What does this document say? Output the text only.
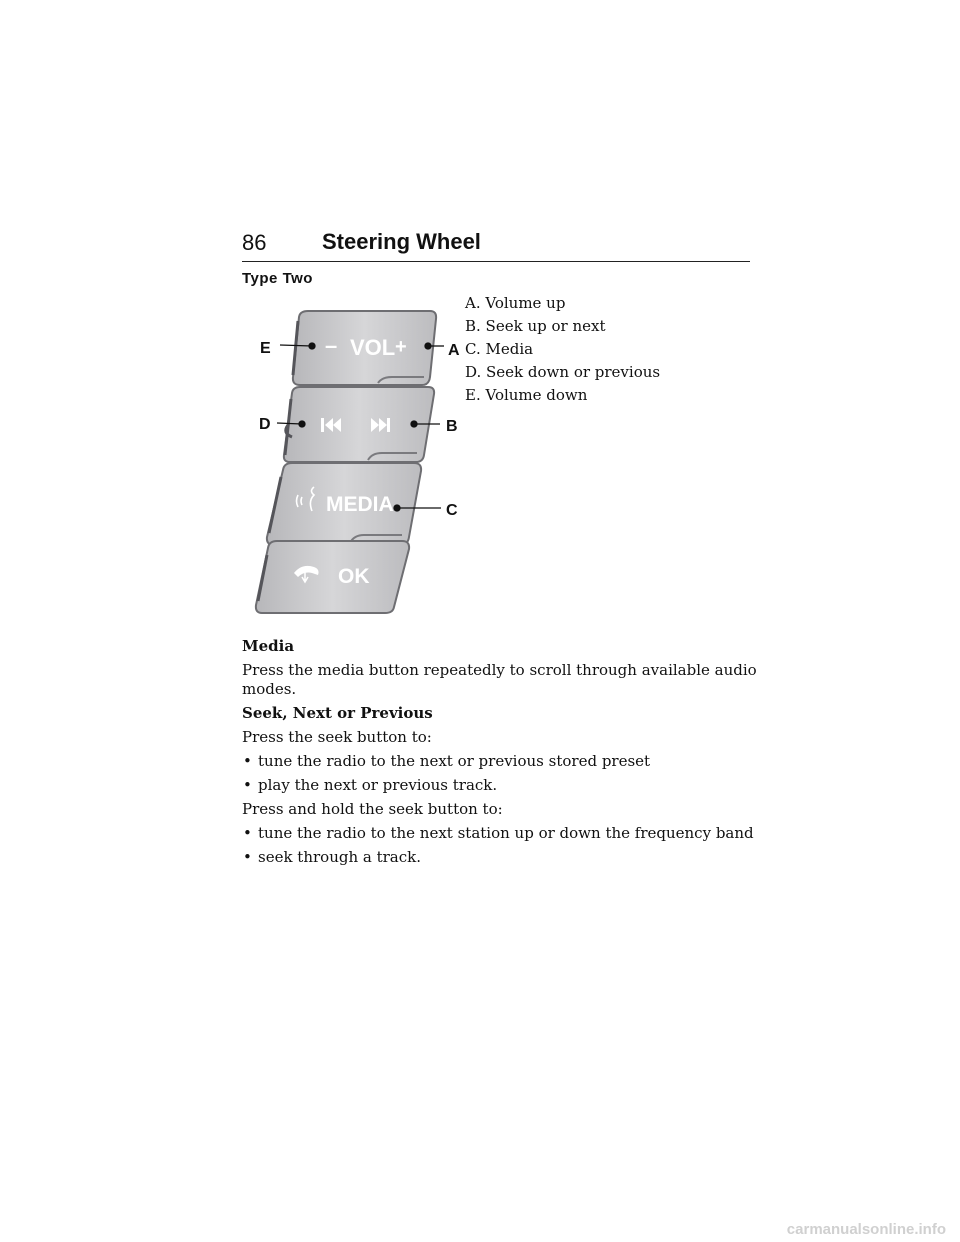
86	Steering Wheel
Type Two
A. Volume up
B. Seek up or next
C. Media
D. Seek down or previous
E. Volume down
– VOL +
MEDIA
OK
E
D
A
B
C

Media

Press the media button repeatedly to scroll through available audio modes.

Seek, Next or Previous

Press the seek button to:

• tune the radio to the next or previous stored preset
• play the next or previous track.

Press and hold the seek button to:

• tune the radio to the next station up or down the frequency band
• seek through a track.
carmanualsonline.info
